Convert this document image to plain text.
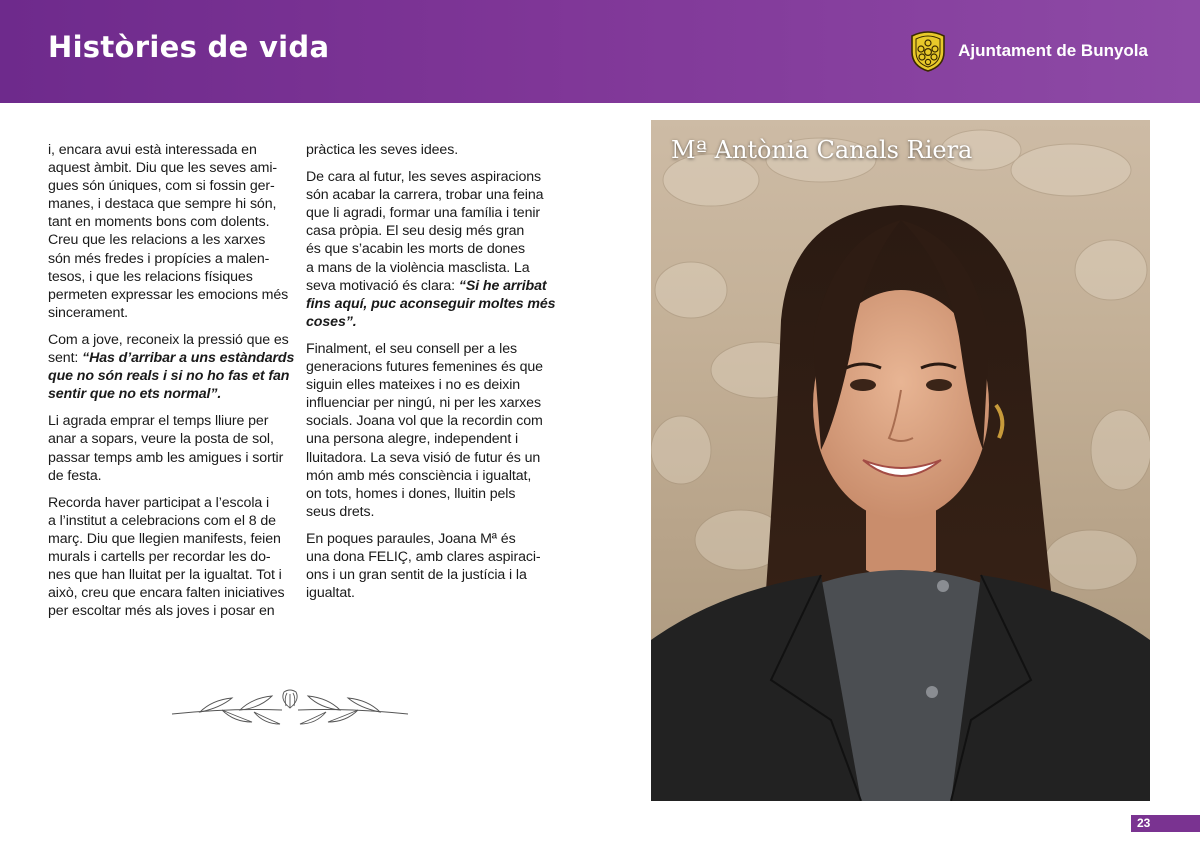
Històries de vida	Ajuntament de Bunyola
i, encara avui està interessada en
aquest àmbit. Diu que les seves ami-
gues són úniques, com si fossin ger-
manes, i destaca que sempre hi són,
tant en moments bons com dolents.
Creu que les relacions a les xarxes
són més fredes i propícies a malen-
tesos, i que les relacions físiques
permeten expressar les emocions més
sincerament.
Com a jove, reconeix la pressió que es
sent: “Has d’arribar a uns estàndards
que no són reals i si no ho fas et fan
sentir que no ets normal”.
Li agrada emprar el temps lliure per
anar a sopars, veure la posta de sol,
passar temps amb les amigues i sortir
de festa.
Recorda haver participat a l’escola i
a l’institut a celebracions com el 8 de
març. Diu que llegien manifests, feien
murals i cartells per recordar les do-
nes que han lluitat per la igualtat. Tot i
això, creu que encara falten iniciatives
per escoltar més als joves i posar en
pràctica les seves idees.
De cara al futur, les seves aspiracions
són acabar la carrera, trobar una feina
que li agradi, formar una família i tenir
casa pròpia. El seu desig més gran
és que s’acabin les morts de dones
a mans de la violència masclista. La
seva motivació és clara: “Si he arribat
fins aquí, puc aconseguir moltes més
coses”.
Finalment, el seu consell per a les
generacions futures femenines és que
siguin elles mateixes i no es deixin
influenciar per ningú, ni per les xarxes
socials. Joana vol que la recordin com
una persona alegre, independent i
lluitadora. La seva visió de futur és un
món amb més consciència i igualtat,
on tots, homes i dones, lluitin pels
seus drets.
En poques paraules, Joana Mª és
una dona FELIÇ, amb clares aspiraci-
ons i un gran sentit de la justícia i la
igualtat.
Mª Antònia Canals Riera
23
